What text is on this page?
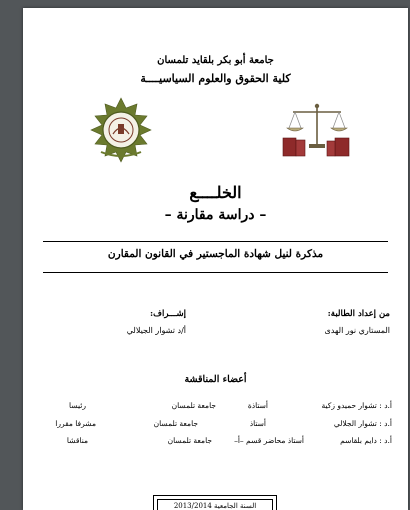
جامعة أبو بكر بلقايد تلمسان
كلية الحقوق والعلوم السياسيــــة
الخلــــع
– دراسة مقارنة –
مذكرة لنيل شهادة الماجستير في القانون المقارن
من إعداد الطالبة:
المستاري نور الهدى
إشـــراف:
أ/د تشوار الجيلالي
أعضاء المناقشة
أ.د : تشوار حميدو زكية
أستاذة
جامعة تلمسان
رئيسا
أ.د : تشوار الجلالي
أستاذ
جامعة تلمسان
مشرفا مقررا
أ.د : دايم بلقاسم
أستاذ محاضر قسم –أ–
جامعة تلمسان
مناقشا
السنة الجامعية 2013/2014
